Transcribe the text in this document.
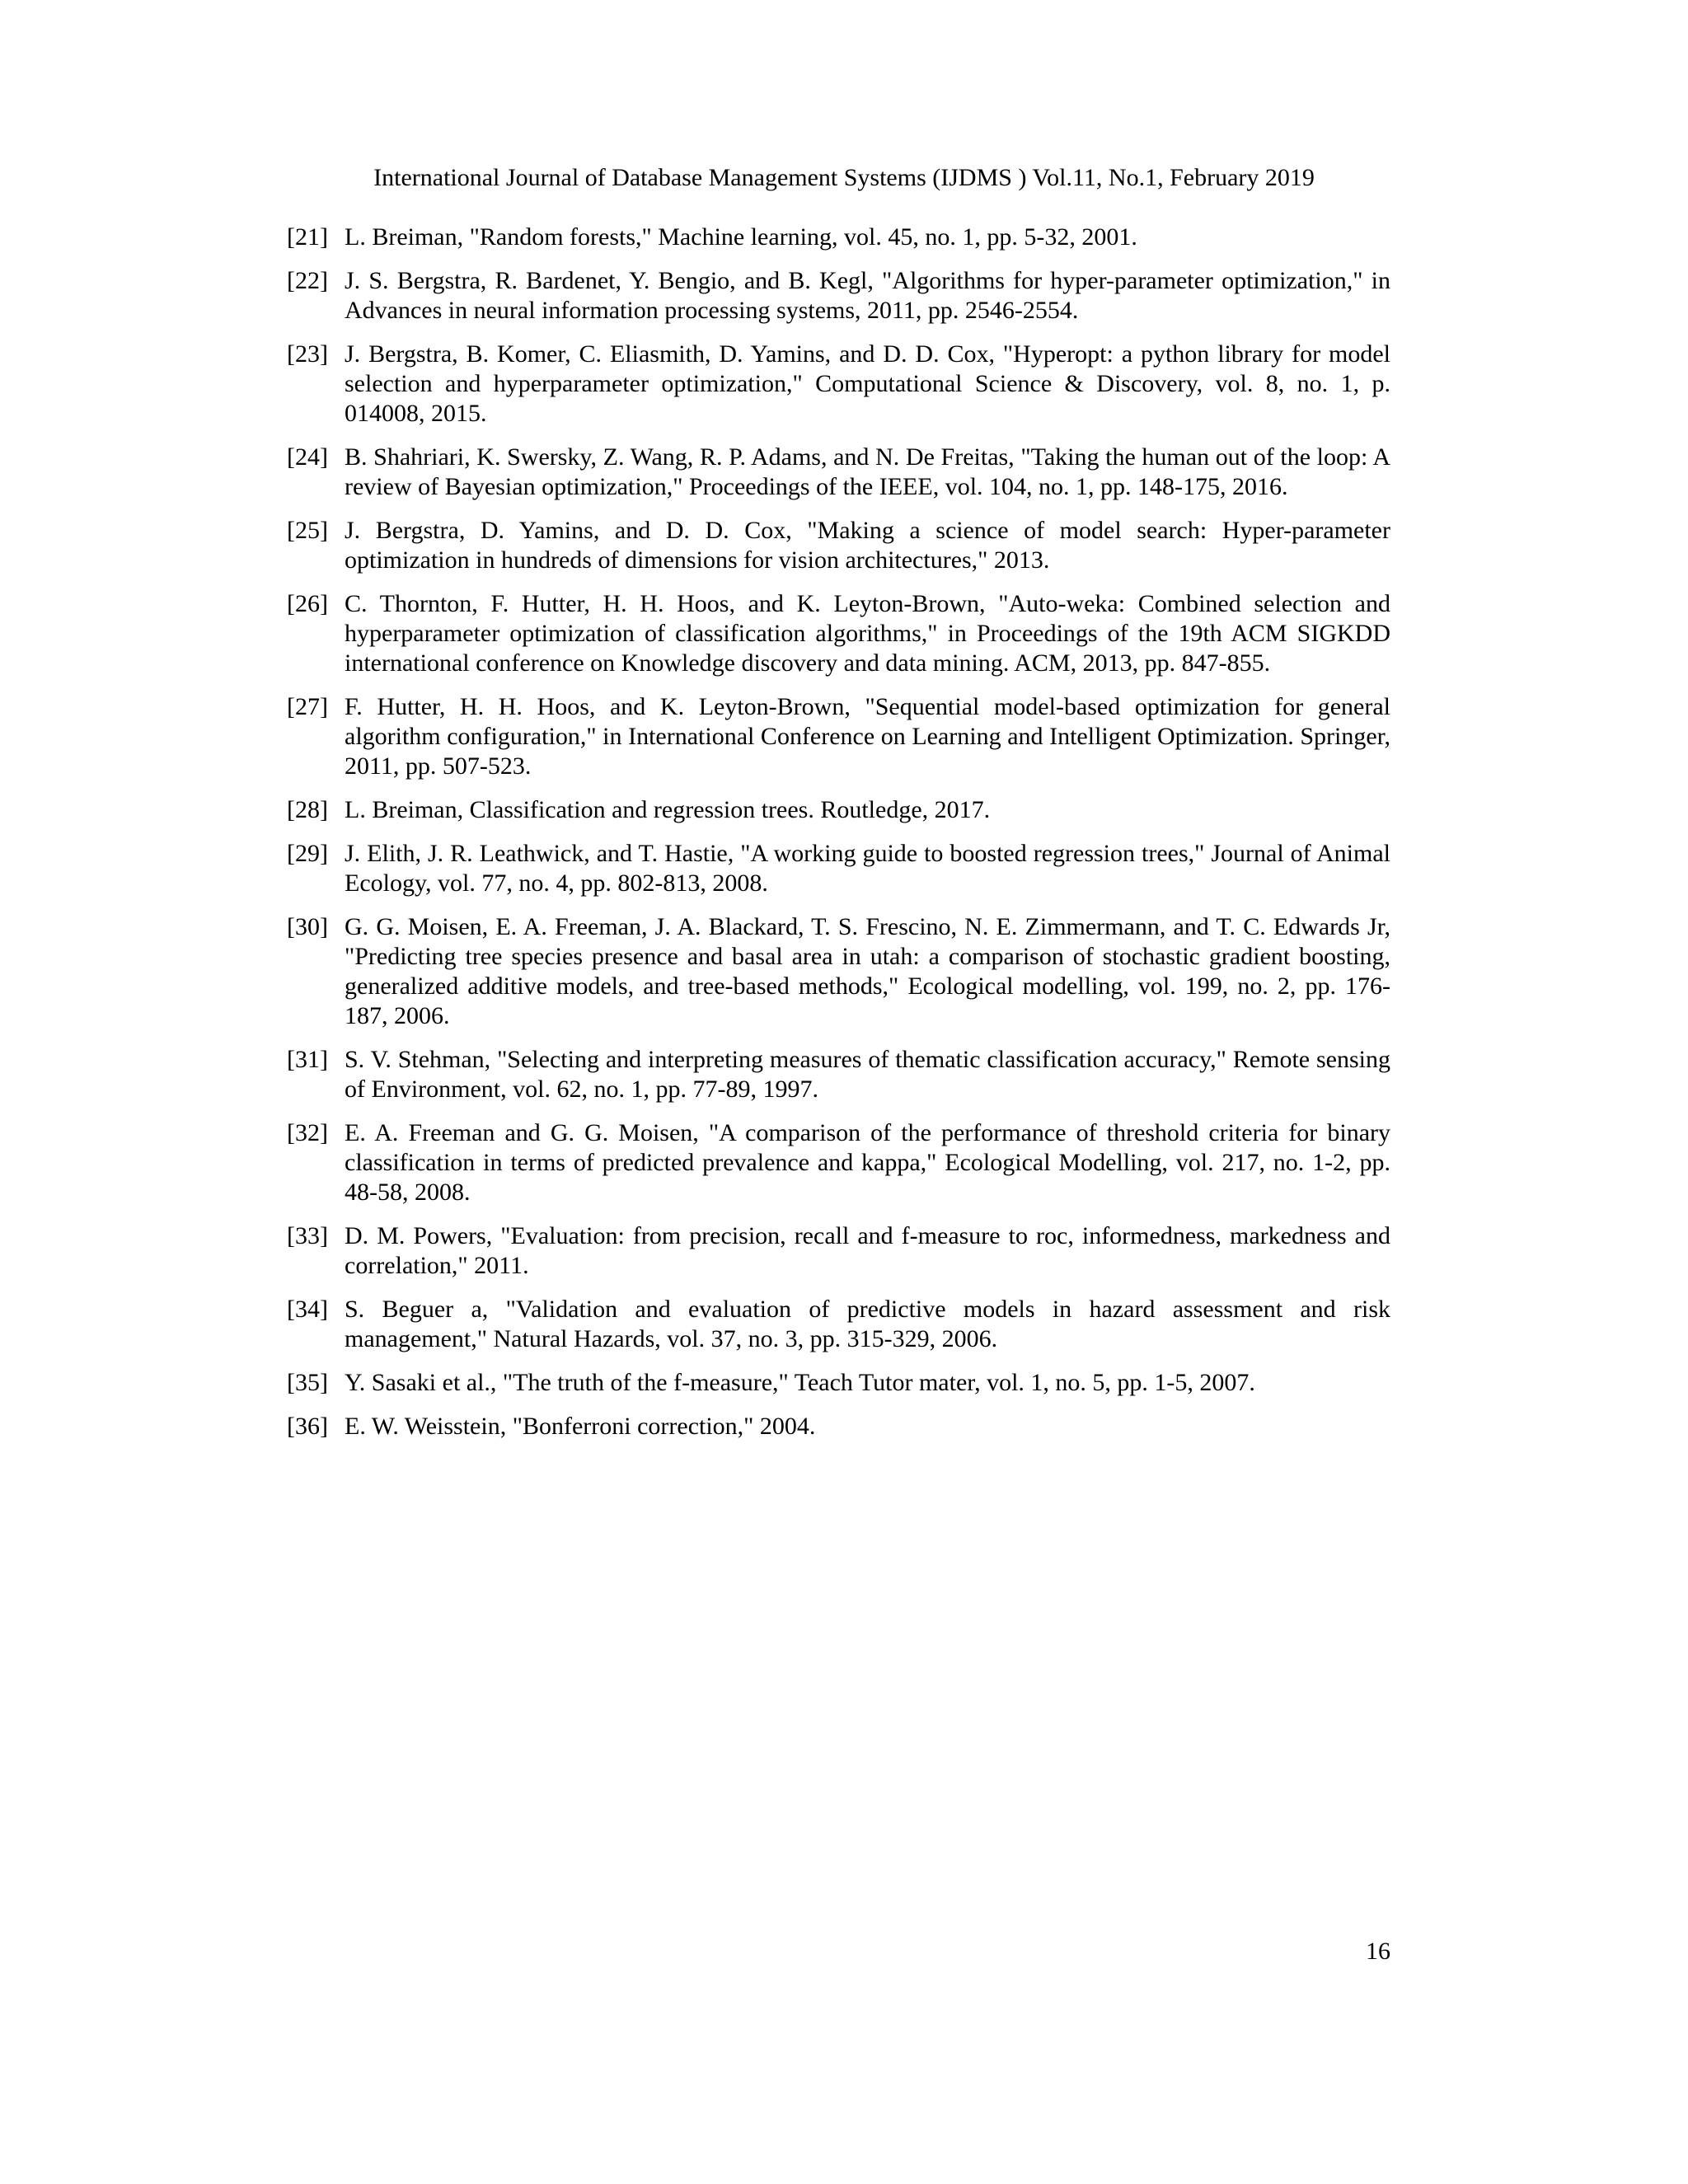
International Journal of Database Management Systems (IJDMS ) Vol.11, No.1, February 2019
[21] L. Breiman, "Random forests," Machine learning, vol. 45, no. 1, pp. 5-32, 2001.
[22] J. S. Bergstra, R. Bardenet, Y. Bengio, and B. Kegl, "Algorithms for hyper-parameter optimization," in Advances in neural information processing systems, 2011, pp. 2546-2554.
[23] J. Bergstra, B. Komer, C. Eliasmith, D. Yamins, and D. D. Cox, "Hyperopt: a python library for model selection and hyperparameter optimization," Computational Science & Discovery, vol. 8, no. 1, p. 014008, 2015.
[24] B. Shahriari, K. Swersky, Z. Wang, R. P. Adams, and N. De Freitas, "Taking the human out of the loop: A review of Bayesian optimization," Proceedings of the IEEE, vol. 104, no. 1, pp. 148-175, 2016.
[25] J. Bergstra, D. Yamins, and D. D. Cox, "Making a science of model search: Hyper-parameter optimization in hundreds of dimensions for vision architectures," 2013.
[26] C. Thornton, F. Hutter, H. H. Hoos, and K. Leyton-Brown, "Auto-weka: Combined selection and hyperparameter optimization of classification algorithms," in Proceedings of the 19th ACM SIGKDD international conference on Knowledge discovery and data mining. ACM, 2013, pp. 847-855.
[27] F. Hutter, H. H. Hoos, and K. Leyton-Brown, "Sequential model-based optimization for general algorithm configuration," in International Conference on Learning and Intelligent Optimization. Springer, 2011, pp. 507-523.
[28] L. Breiman, Classification and regression trees. Routledge, 2017.
[29] J. Elith, J. R. Leathwick, and T. Hastie, "A working guide to boosted regression trees," Journal of Animal Ecology, vol. 77, no. 4, pp. 802-813, 2008.
[30] G. G. Moisen, E. A. Freeman, J. A. Blackard, T. S. Frescino, N. E. Zimmermann, and T. C. Edwards Jr, "Predicting tree species presence and basal area in utah: a comparison of stochastic gradient boosting, generalized additive models, and tree-based methods," Ecological modelling, vol. 199, no. 2, pp. 176-187, 2006.
[31] S. V. Stehman, "Selecting and interpreting measures of thematic classification accuracy," Remote sensing of Environment, vol. 62, no. 1, pp. 77-89, 1997.
[32] E. A. Freeman and G. G. Moisen, "A comparison of the performance of threshold criteria for binary classification in terms of predicted prevalence and kappa," Ecological Modelling, vol. 217, no. 1-2, pp. 48-58, 2008.
[33] D. M. Powers, "Evaluation: from precision, recall and f-measure to roc, informedness, markedness and correlation," 2011.
[34] S. Beguer a, "Validation and evaluation of predictive models in hazard assessment and risk management," Natural Hazards, vol. 37, no. 3, pp. 315-329, 2006.
[35] Y. Sasaki et al., "The truth of the f-measure," Teach Tutor mater, vol. 1, no. 5, pp. 1-5, 2007.
[36] E. W. Weisstein, "Bonferroni correction," 2004.
16
